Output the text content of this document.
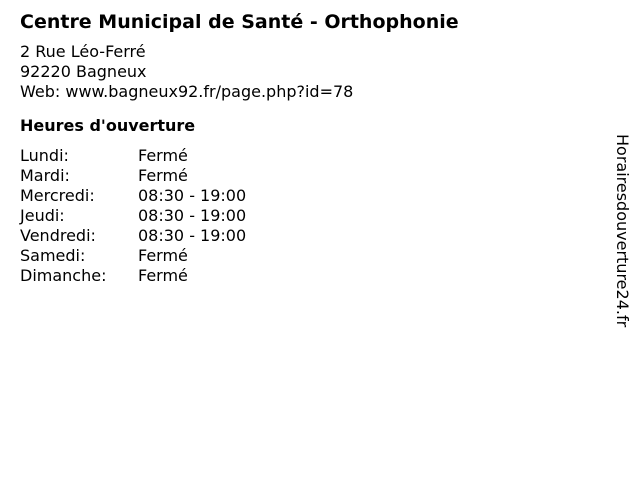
Centre Municipal de Santé - Orthophonie
2 Rue Léo-Ferré
92220 Bagneux
Web: www.bagneux92.fr/page.php?id=78
Heures d'ouverture
Lundi:	Fermé
Mardi:	Fermé
Mercredi:	08:30 - 19:00
Jeudi:	08:30 - 19:00
Vendredi:	08:30 - 19:00
Samedi:	Fermé
Dimanche:	Fermé	Horairesdouverture24.fr
